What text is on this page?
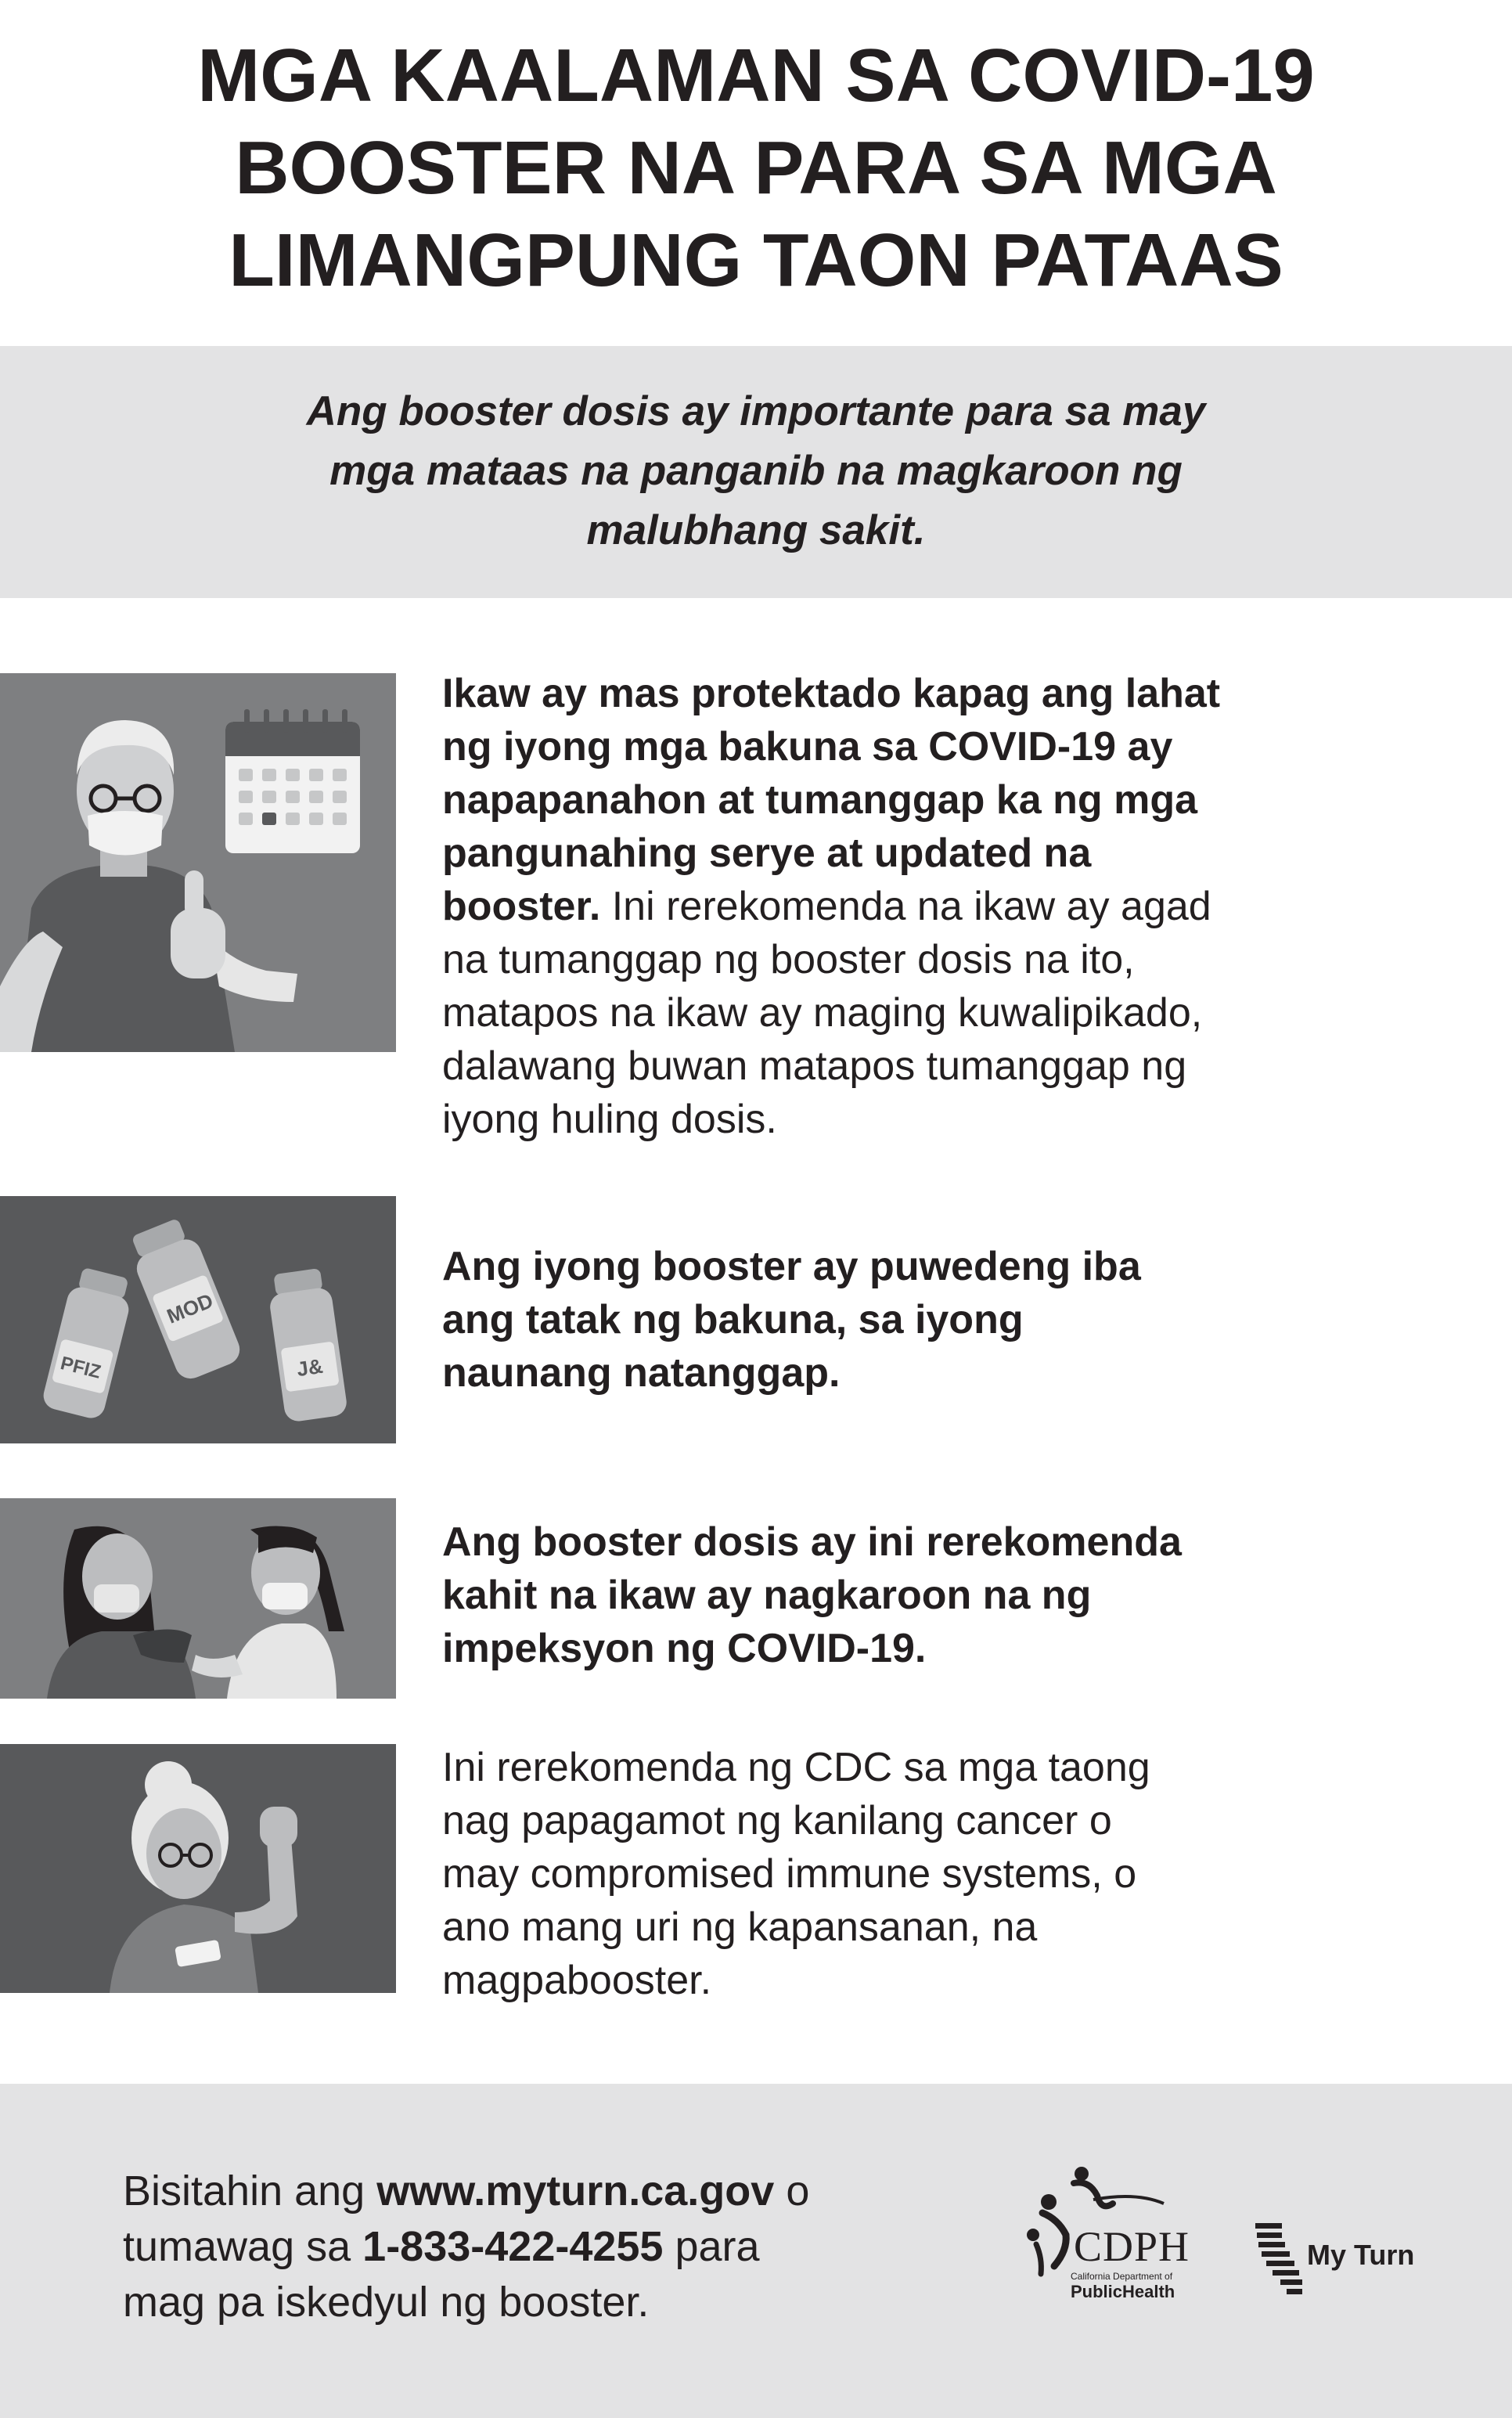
MGA KAALAMAN SA COVID-19
BOOSTER NA PARA SA MGA
LIMANGPUNG TAON PATAAS
Ang booster dosis ay importante para sa may
mga mataas na panganib na magkaroon ng
malubhang sakit.
Ikaw ay mas protektado kapag ang lahat
ng iyong mga bakuna sa COVID-19 ay
napapanahon at tumanggap ka ng mga
pangunahing serye at updated na
booster. Ini rerekomenda na ikaw ay agad
na tumanggap ng booster dosis na ito,
matapos na ikaw ay maging kuwalipikado,
dalawang buwan matapos tumanggap ng
iyong huling dosis.
PFIZ
MOD
J&
Ang iyong booster ay puwedeng iba
ang tatak ng bakuna, sa iyong
naunang natanggap.
Ang booster dosis ay ini rerekomenda
kahit na ikaw ay nagkaroon na ng
impeksyon ng COVID-19.
Ini rerekomenda ng CDC sa mga taong
nag papagamot ng kanilang cancer o
may compromised immune systems, o
ano mang uri ng kapansanan, na
magpabooster.
Bisitahin ang www.myturn.ca.gov o
tumawag sa 1-833-422-4255 para
mag pa iskedyul ng booster.
CDPH
California Department of
PublicHealth
My Turn
